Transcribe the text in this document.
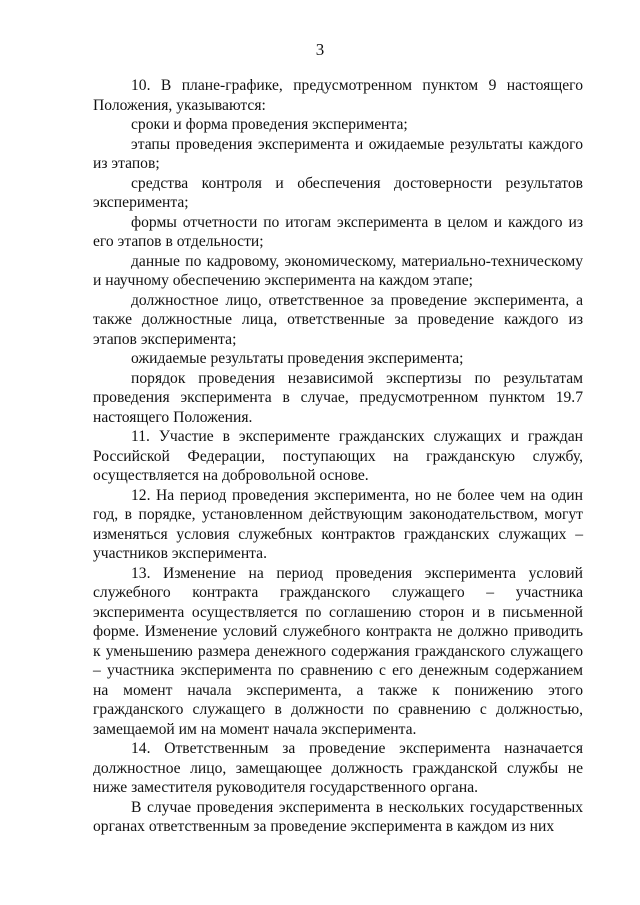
3

10. В плане-графике, предусмотренном пунктом 9 настоящего Положения, указываются:

сроки и форма проведения эксперимента;

этапы проведения эксперимента и ожидаемые результаты каждого из этапов;

средства контроля и обеспечения достоверности результатов эксперимента;

формы отчетности по итогам эксперимента в целом и каждого из его этапов в отдельности;

данные по кадровому, экономическому, материально-техническому и научному обеспечению эксперимента на каждом этапе;

должностное лицо, ответственное за проведение эксперимента, а также должностные лица, ответственные за проведение каждого из этапов эксперимента;

ожидаемые результаты проведения эксперимента;

порядок проведения независимой экспертизы по результатам проведения эксперимента в случае, предусмотренном пунктом 19.7 настоящего Положения.

11. Участие в эксперименте гражданских служащих и граждан Российской Федерации, поступающих на гражданскую службу, осуществляется на добровольной основе.

12. На период проведения эксперимента, но не более чем на один год, в порядке, установленном действующим законодательством, могут изменяться условия служебных контрактов гражданских служащих – участников эксперимента.

13. Изменение на период проведения эксперимента условий служебного контракта гражданского служащего – участника эксперимента осуществляется по соглашению сторон и в письменной форме. Изменение условий служебного контракта не должно приводить к уменьшению размера денежного содержания гражданского служащего – участника эксперимента по сравнению с его денежным содержанием на момент начала эксперимента, а также к понижению этого гражданского служащего в должности по сравнению с должностью, замещаемой им на момент начала эксперимента.

14. Ответственным за проведение эксперимента назначается должностное лицо, замещающее должность гражданской службы не ниже заместителя руководителя государственного органа.

В случае проведения эксперимента в нескольких государственных органах ответственным за проведение эксперимента в каждом из них
